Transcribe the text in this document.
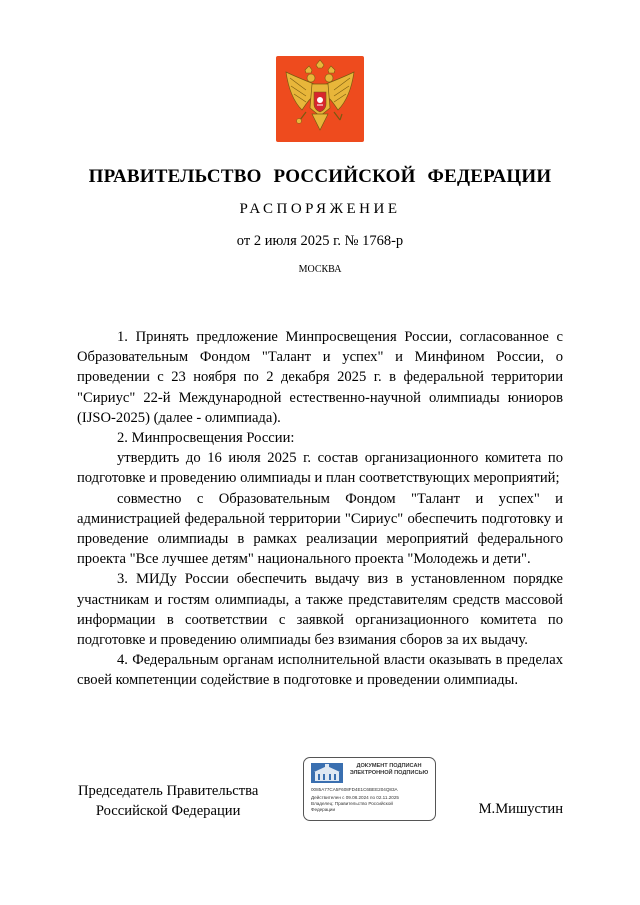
ПРАВИТЕЛЬСТВО РОССИЙСКОЙ ФЕДЕРАЦИИ
РАСПОРЯЖЕНИЕ
от 2 июля 2025 г. № 1768-р
МОСКВА

1. Принять предложение Минпросвещения России, согласованное с Образовательным Фондом "Талант и успех" и Минфином России, о проведении с 23 ноября по 2 декабря 2025 г. в федеральной территории "Сириус" 22-й Международной естественно-научной олимпиады юниоров (IJSO-2025) (далее - олимпиада).

2. Минпросвещения России:

утвердить до 16 июля 2025 г. состав организационного комитета по подготовке и проведению олимпиады и план соответствующих мероприятий;

совместно с Образовательным Фондом "Талант и успех" и администрацией федеральной территории "Сириус" обеспечить подготовку и проведение олимпиады в рамках реализации мероприятий федерального проекта "Все лучшее детям" национального проекта "Молодежь и дети".

3. МИДу России обеспечить выдачу виз в установленном порядке участникам и гостям олимпиады, а также представителям средств массовой информации в соответствии с заявкой организационного комитета по подготовке и проведению олимпиады без взимания сборов за их выдачу.

4. Федеральным органам исполнительной власти оказывать в пределах своей компетенции содействие в подготовке и проведении олимпиады.

Председатель Правительства
Российской Федерации
ДОКУМЕНТ ПОДПИСАН
ЭЛЕКТРОННОЙ ПОДПИСЬЮ
0085A77CA5F608FD4E1C6BEE204Q83A
Действителен с 09.08.2024 по 02.11.2025
Владелец: Правительство Российской
Федерации	М.Мишустин
